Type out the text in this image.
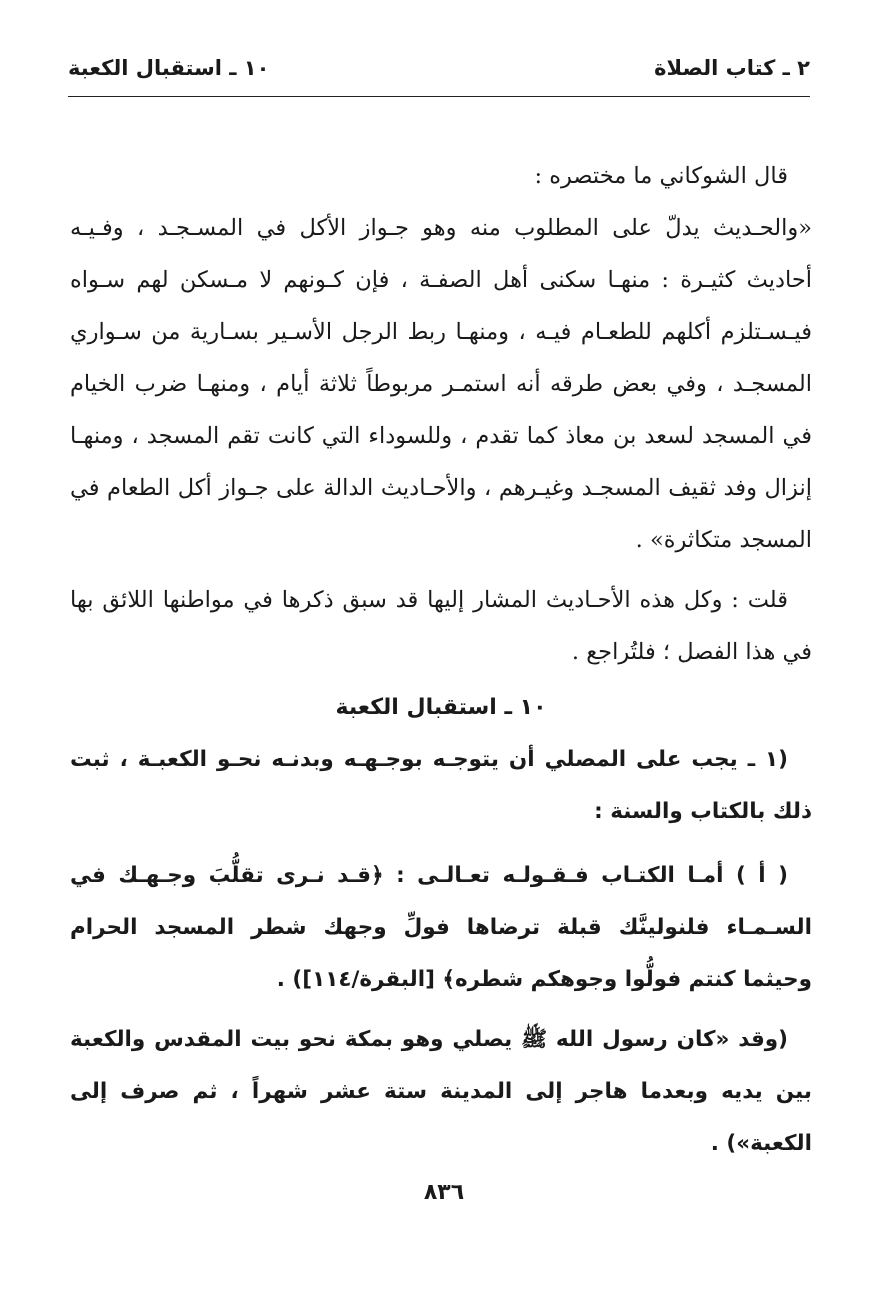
٢ ـ كتاب الصلاة
١٠ ـ استقبال الكعبة

قال الشوكاني ما مختصره :

«والحـديث يدلّ على المطلوب منه وهو جـواز الأكل في المسـجـد ، وفـيـه أحاديث كثيـرة : منهـا سكنى أهل الصفـة ، فإن كـونهم لا مـسكن لهم سـواه فيـسـتلزم أكلهم للطعـام فيـه ، ومنهـا ربط الرجل الأسـير بسـارية من سـواري المسجـد ، وفي بعض طرقه أنه استمـر مربوطاً ثلاثة أيام ، ومنهـا ضرب الخيام في المسجد لسعد بن معاذ كما تقدم ، وللسوداء التي كانت تقم المسجد ، ومنهـا إنزال وفد ثقيف المسجـد وغيـرهم ، والأحـاديث الدالة على جـواز أكل الطعام في المسجد متكاثرة» .

قلت : وكل هذه الأحـاديث المشار إليها قد سبق ذكرها في مواطنها اللائق بها في هذا الفصل ؛ فلتُراجع .

١٠ ـ استقبال الكعبة

(١ ـ يجب على المصلي أن يتوجـه بوجـهـه وبدنـه نحـو الكعبـة ، ثبت ذلك بالكتاب والسنة :

( أ ) أمـا الكتـاب فـقـولـه تعـالـى : ﴿قـد نـرى تقلُّبَ وجـهـك في السـمـاء فلنولينَّك قبلة ترضاها فولِّ وجهك شطر المسجد الحرام وحيثما كنتم فولُّوا وجوهكم شطره﴾ [البقرة/١١٤]) .

(وقد «كان رسول الله ﷺ يصلي وهو بمكة نحو بيت المقدس والكعبة بين يديه وبعدما هاجر إلى المدينة ستة عشر شهراً ، ثم صرف إلى الكعبة») .

٨٣٦
